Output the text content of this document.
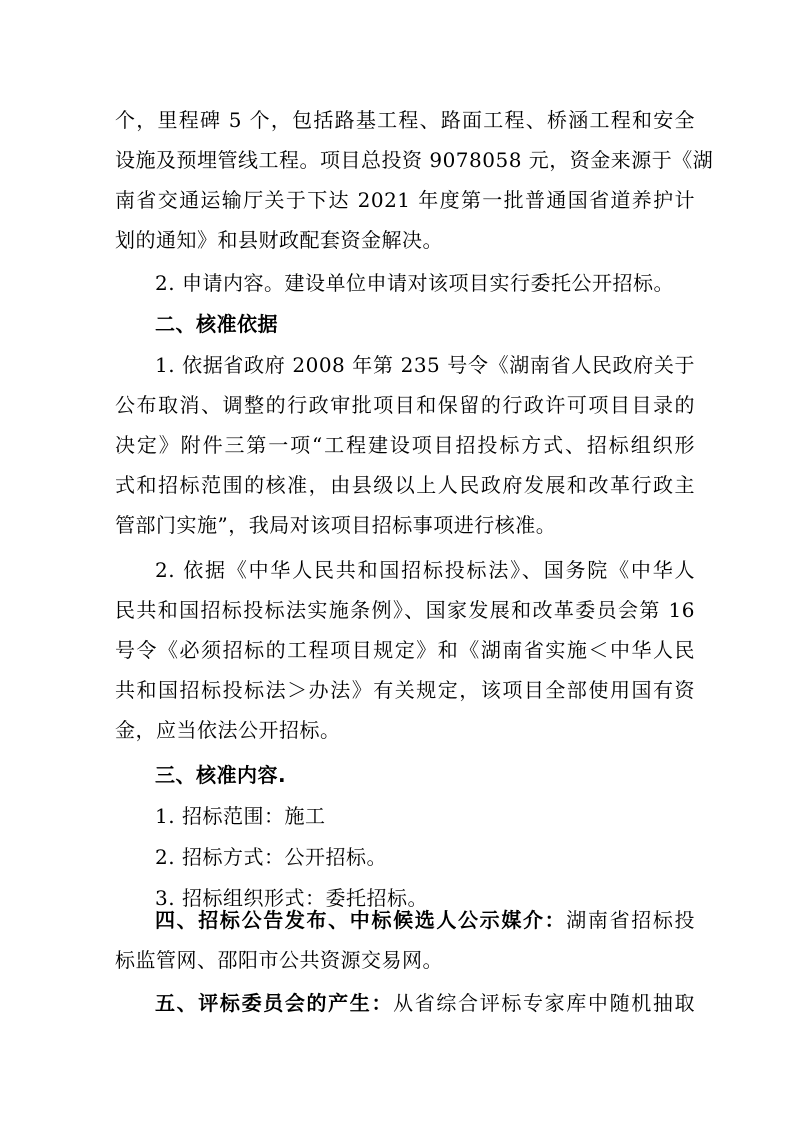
个，里程碑 5 个，包括路基工程、路面工程、桥涵工程和安全
设施及预埋管线工程。项目总投资 9078058 元，资金来源于《湖
南省交通运输厅关于下达 2021 年度第一批普通国省道养护计
划的通知》和县财政配套资金解决。
2. 申请内容。建设单位申请对该项目实行委托公开招标。
二、核准依据
1. 依据省政府 2008 年第 235 号令《湖南省人民政府关于
公布取消、调整的行政审批项目和保留的行政许可项目目录的
决定》附件三第一项“工程建设项目招投标方式、招标组织形
式和招标范围的核准，由县级以上人民政府发展和改革行政主
管部门实施”，我局对该项目招标事项进行核准。
2. 依据《中华人民共和国招标投标法》、国务院《中华人
民共和国招标投标法实施条例》、国家发展和改革委员会第 16
号令《必须招标的工程项目规定》和《湖南省实施＜中华人民
共和国招标投标法＞办法》有关规定，该项目全部使用国有资
金，应当依法公开招标。
三、核准内容.
1. 招标范围：施工
2. 招标方式：公开招标。
3. 招标组织形式：委托招标。
四、招标公告发布、中标候选人公示媒介：湖南省招标投
标监管网、邵阳市公共资源交易网。
五、评标委员会的产生：从省综合评标专家库中随机抽取
